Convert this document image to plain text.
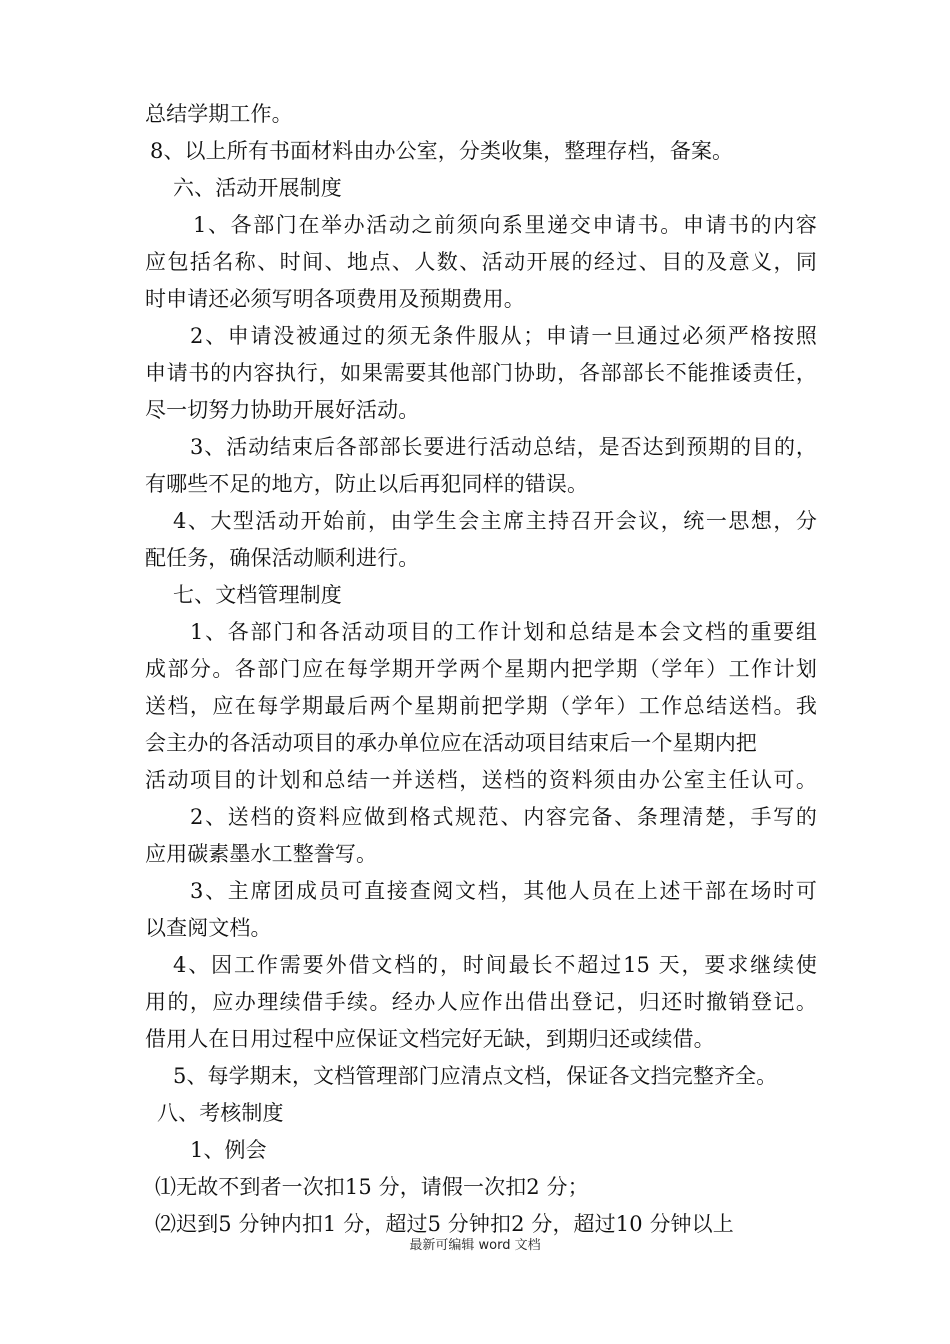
总结学期工作。
8、以上所有书面材料由办公室，分类收集，整理存档，备案。
六、活动开展制度
1、各部门在举办活动之前须向系里递交申请书。申请书的内容
应包括名称、时间、地点、人数、活动开展的经过、目的及意义，同
时申请还必须写明各项费用及预期费用。
2、申请没被通过的须无条件服从；申请一旦通过必须严格按照
申请书的内容执行，如果需要其他部门协助，各部部长不能推诿责任，
尽一切努力协助开展好活动。
3、活动结束后各部部长要进行活动总结，是否达到预期的目的，
有哪些不足的地方，防止以后再犯同样的错误。
4、大型活动开始前，由学生会主席主持召开会议，统一思想，分
配任务，确保活动顺利进行。
七、文档管理制度
1、各部门和各活动项目的工作计划和总结是本会文档的重要组
成部分。各部门应在每学期开学两个星期内把学期（学年）工作计划
送档，应在每学期最后两个星期前把学期（学年）工作总结送档。我
会主办的各活动项目的承办单位应在活动项目结束后一个星期内把
活动项目的计划和总结一并送档，送档的资料须由办公室主任认可。
2、送档的资料应做到格式规范、内容完备、条理清楚，手写的
应用碳素墨水工整誊写。
3、主席团成员可直接查阅文档，其他人员在上述干部在场时可
以查阅文档。
4、因工作需要外借文档的，时间最长不超过15 天，要求继续使
用的，应办理续借手续。经办人应作出借出登记，归还时撤销登记。
借用人在日用过程中应保证文档完好无缺，到期归还或续借。
5、每学期末，文档管理部门应清点文档，保证各文挡完整齐全。
八、考核制度
1、例会
⑴无故不到者一次扣15 分，请假一次扣2 分；
⑵迟到5 分钟内扣1 分，超过5 分钟扣2 分，超过10 分钟以上
最新可编辑 word 文档
